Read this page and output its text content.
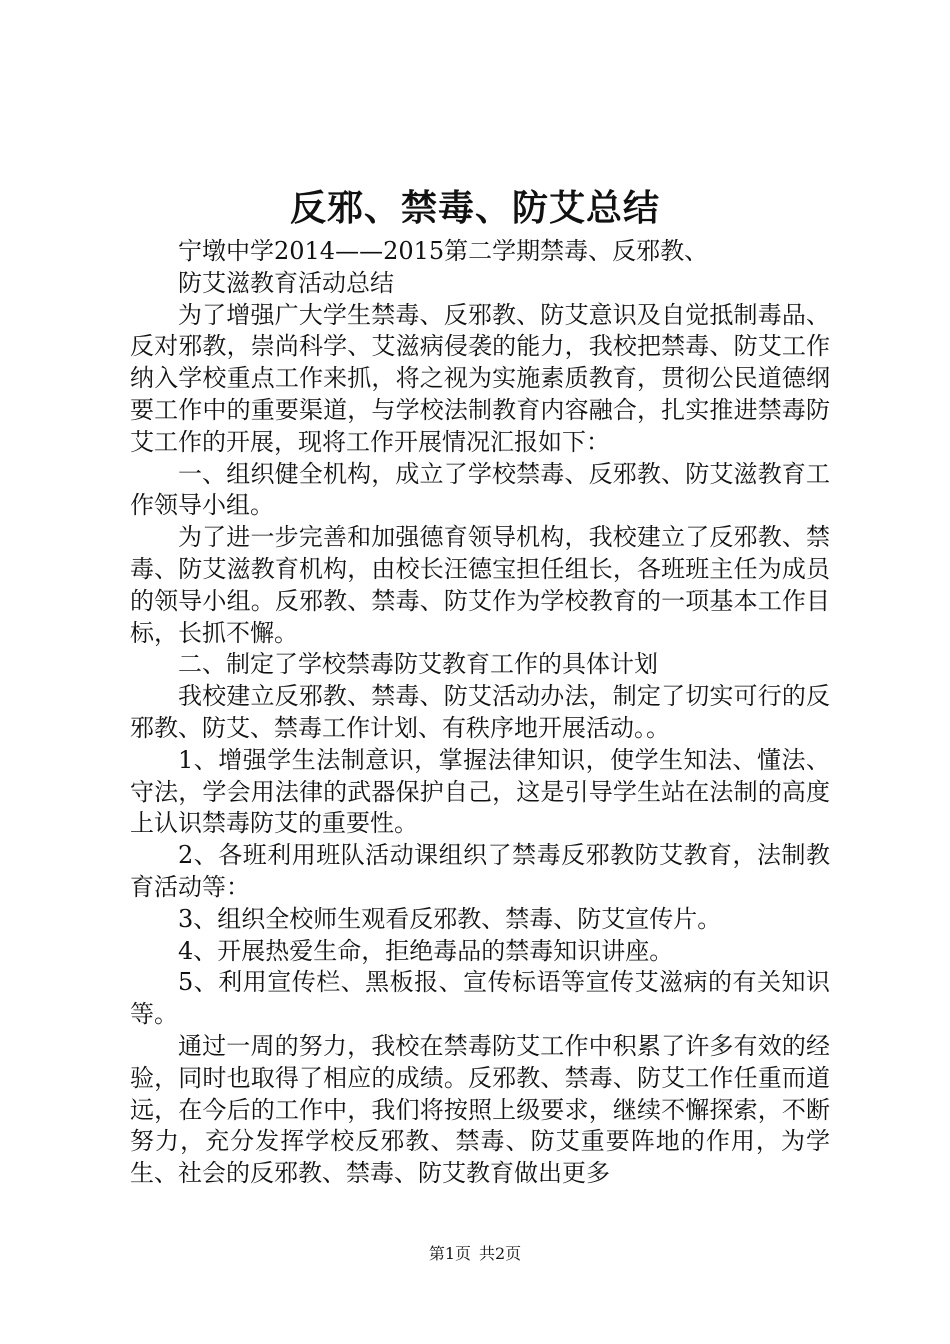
反邪、禁毒、防艾总结

宁墩中学2014——2015第二学期禁毒、反邪教、

防艾滋教育活动总结

为了增强广大学生禁毒、反邪教、防艾意识及自觉抵制毒品、反对邪教，崇尚科学、艾滋病侵袭的能力，我校把禁毒、防艾工作纳入学校重点工作来抓，将之视为实施素质教育，贯彻公民道德纲要工作中的重要渠道，与学校法制教育内容融合，扎实推进禁毒防艾工作的开展，现将工作开展情况汇报如下：

一、组织健全机构，成立了学校禁毒、反邪教、防艾滋教育工作领导小组。

为了进一步完善和加强德育领导机构，我校建立了反邪教、禁毒、防艾滋教育机构，由校长汪德宝担任组长，各班班主任为成员的领导小组。反邪教、禁毒、防艾作为学校教育的一项基本工作目标，长抓不懈。

二、制定了学校禁毒防艾教育工作的具体计划

我校建立反邪教、禁毒、防艾活动办法，制定了切实可行的反邪教、防艾、禁毒工作计划、有秩序地开展活动。。

1、增强学生法制意识，掌握法律知识，使学生知法、懂法、守法，学会用法律的武器保护自己，这是引导学生站在法制的高度上认识禁毒防艾的重要性。

2、各班利用班队活动课组织了禁毒反邪教防艾教育，法制教育活动等：

3、组织全校师生观看反邪教、禁毒、防艾宣传片。

4、开展热爱生命，拒绝毒品的禁毒知识讲座。

5、利用宣传栏、黑板报、宣传标语等宣传艾滋病的有关知识等。

通过一周的努力，我校在禁毒防艾工作中积累了许多有效的经验，同时也取得了相应的成绩。反邪教、禁毒、防艾工作任重而道远，在今后的工作中，我们将按照上级要求，继续不懈探索，不断努力，充分发挥学校反邪教、禁毒、防艾重要阵地的作用，为学生、社会的反邪教、禁毒、防艾教育做出更多

第1页 共2页
